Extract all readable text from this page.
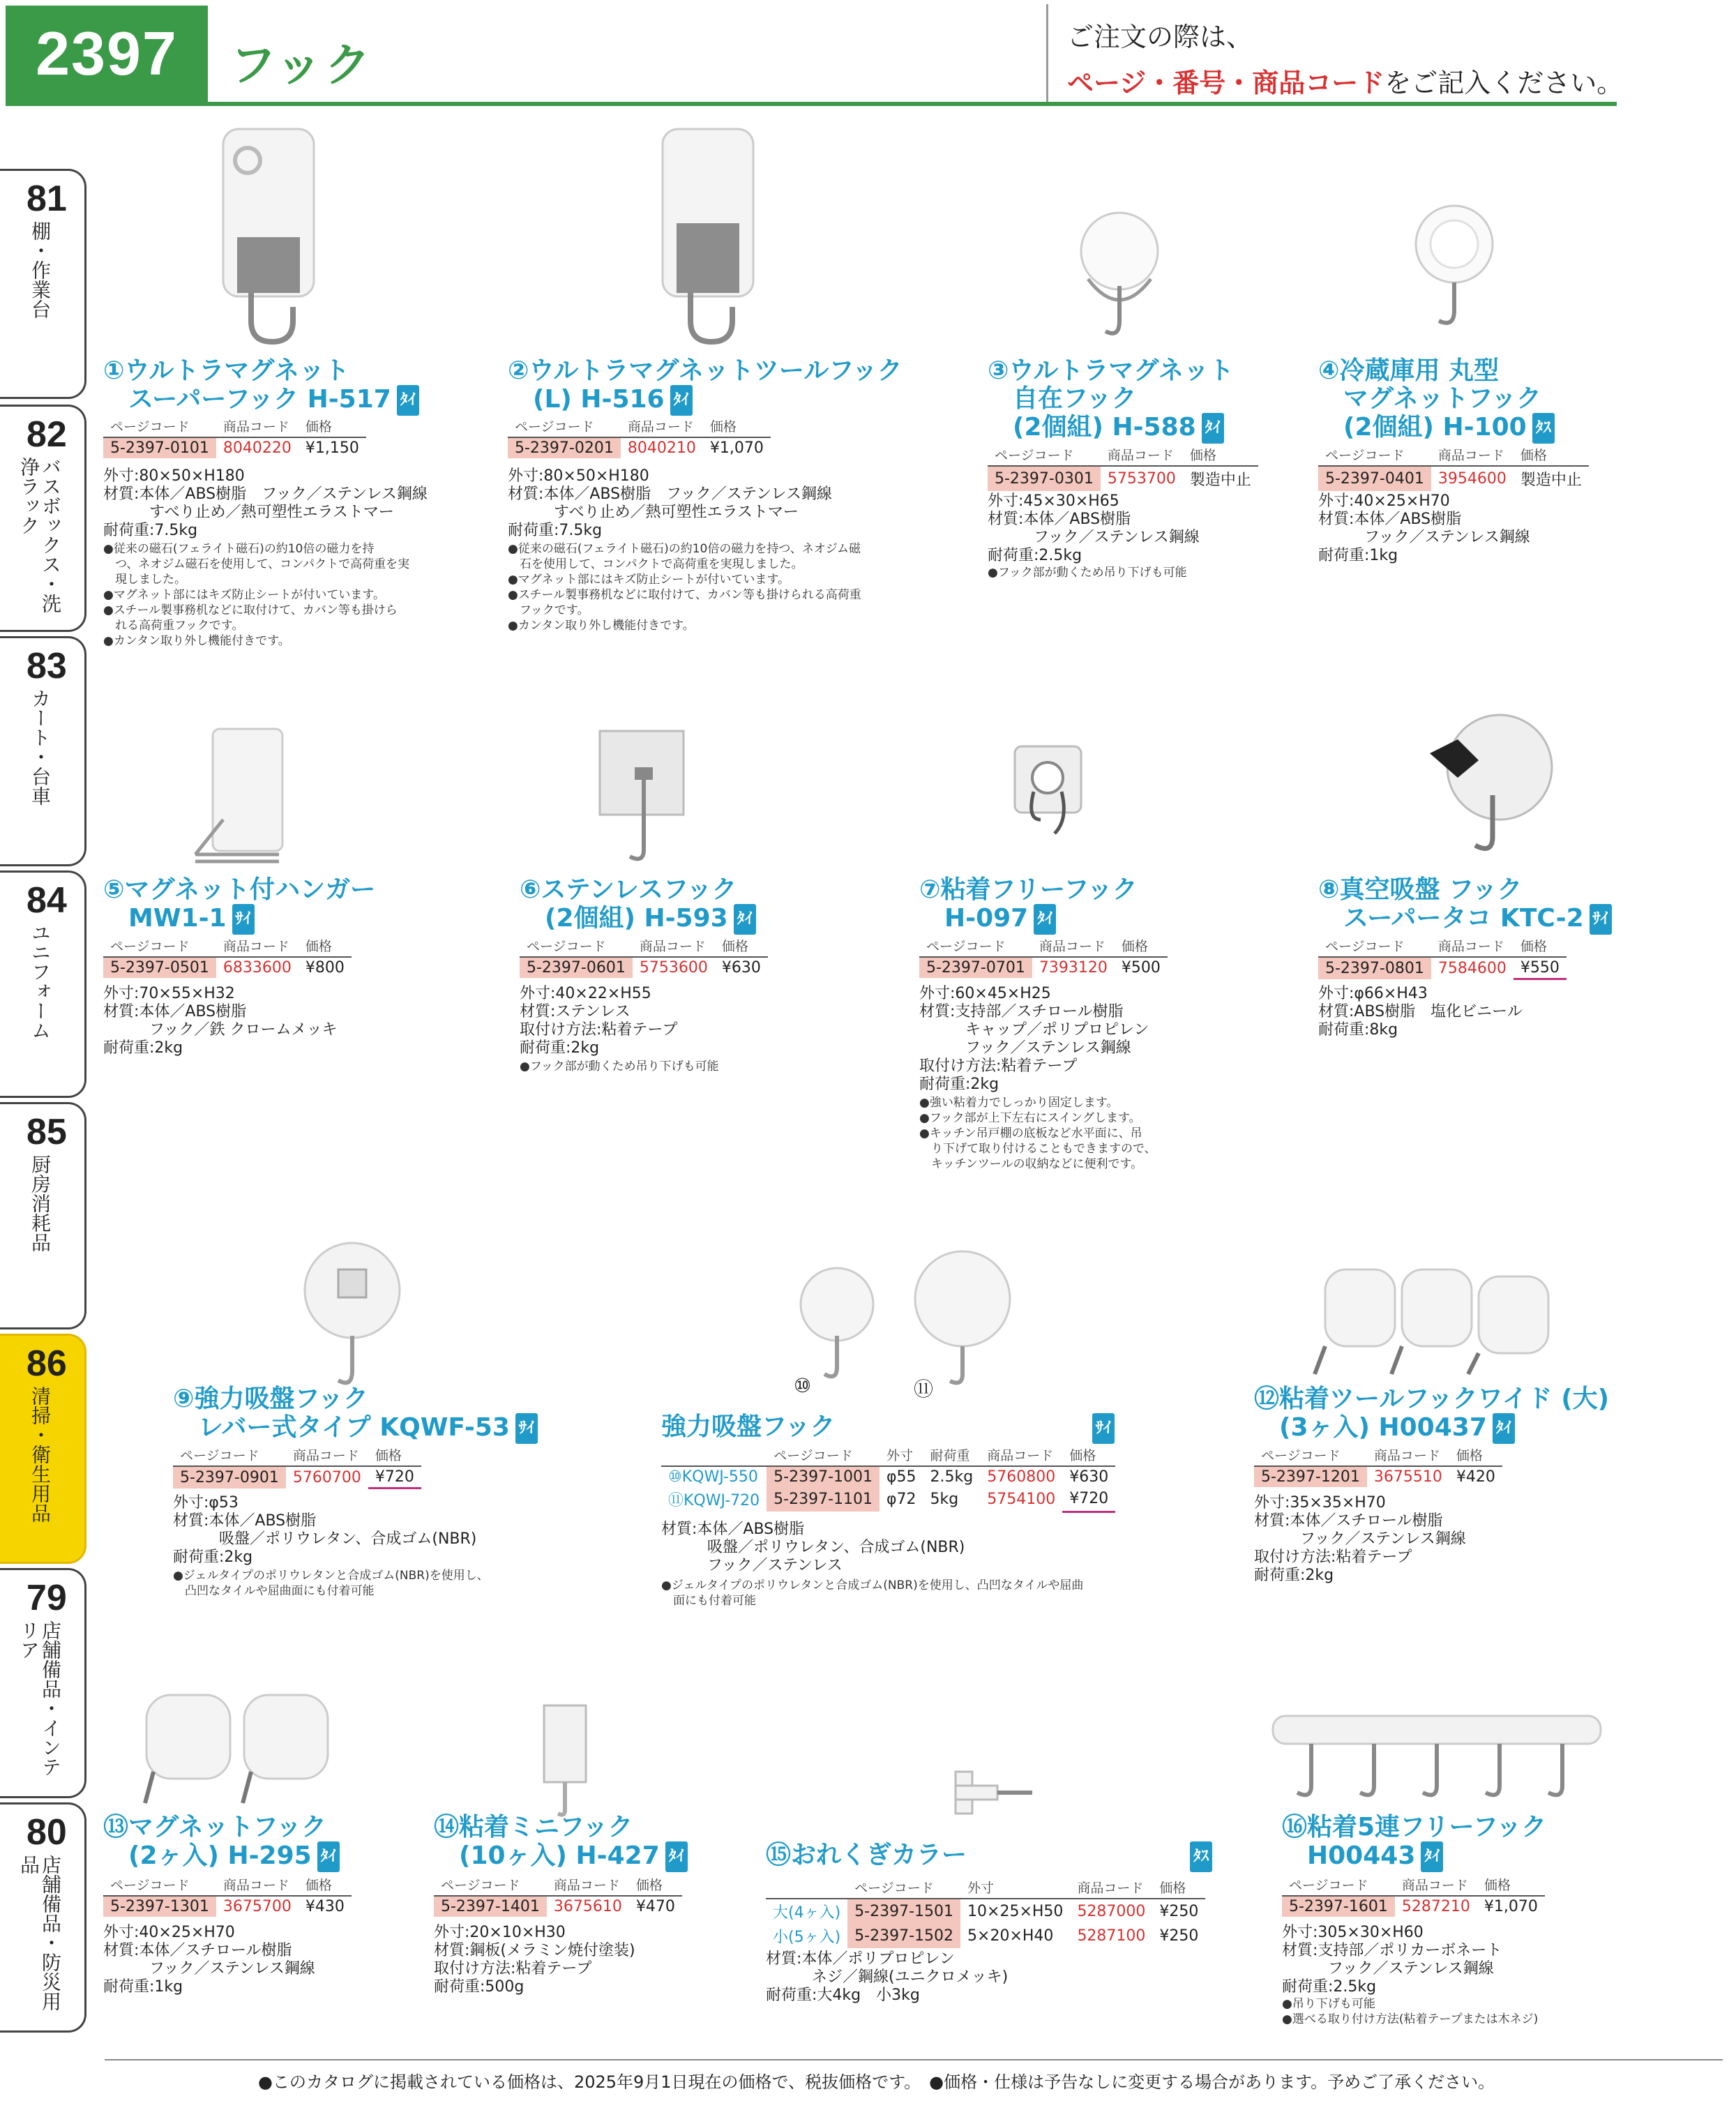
2397	フック
ご注文の際は、
ページ・番号・商品コードをご記入ください。
81
棚・作業台
82
バスボックス・洗浄ラック
83
カート・台車
84
ユニフォーム
85
厨房消耗品
86
清掃・衛生用品
79
店舗備品・インテリア
80
店舗備品・防災用品
①ウルトラマグネット
　スーパーフック H-517 ﾀｲ
ページコード	商品コード	価格
5-2397-0101	8040220	¥1,150
外寸:80×50×H180
材質:本体／ABS樹脂　フック／ステンレス鋼線
　　　すべり止め／熱可塑性エラストマー
耐荷重:7.5kg
●従来の磁石(フェライト磁石)の約10倍の磁力を持
　つ、ネオジム磁石を使用して、コンパクトで高荷重を実
　現しました。
●マグネット部にはキズ防止シートが付いています。
●スチール製事務机などに取付けて、カバン等も掛けら
　れる高荷重フックです。
●カンタン取り外し機能付きです。
②ウルトラマグネットツールフック
　(L) H-516 ﾀｲ
ページコード	商品コード	価格
5-2397-0201	8040210	¥1,070
外寸:80×50×H180
材質:本体／ABS樹脂　フック／ステンレス鋼線
　　　すべり止め／熱可塑性エラストマー
耐荷重:7.5kg
●従来の磁石(フェライト磁石)の約10倍の磁力を持つ、ネオジム磁
　石を使用して、コンパクトで高荷重を実現しました。
●マグネット部にはキズ防止シートが付いています。
●スチール製事務机などに取付けて、カバン等も掛けられる高荷重
　フックです。
●カンタン取り外し機能付きです。
③ウルトラマグネット
　自在フック
　(2個組) H-588 ﾀｲ
ページコード	商品コード	価格
5-2397-0301	5753700	製造中止
外寸:45×30×H65
材質:本体／ABS樹脂
　　　フック／ステンレス鋼線
耐荷重:2.5kg
●フック部が動くため吊り下げも可能
④冷蔵庫用 丸型
　マグネットフック
　(2個組) H-100 ﾀｽ
ページコード	商品コード	価格
5-2397-0401	3954600	製造中止
外寸:40×25×H70
材質:本体／ABS樹脂
　　　フック／ステンレス鋼線
耐荷重:1kg
⑤マグネット付ハンガー
　MW1-1 ｻｲ
ページコード	商品コード	価格
5-2397-0501	6833600	¥800
外寸:70×55×H32
材質:本体／ABS樹脂
　　　フック／鉄 クロームメッキ
耐荷重:2kg
⑥ステンレスフック
　(2個組) H-593 ﾀｲ
ページコード	商品コード	価格
5-2397-0601	5753600	¥630
外寸:40×22×H55
材質:ステンレス
取付け方法:粘着テープ
耐荷重:2kg
●フック部が動くため吊り下げも可能
⑦粘着フリーフック
　H-097 ﾀｲ
ページコード	商品コード	価格
5-2397-0701	7393120	¥500
外寸:60×45×H25
材質:支持部／スチロール樹脂
　　　キャップ／ポリプロピレン
　　　フック／ステンレス鋼線
取付け方法:粘着テープ
耐荷重:2kg
●強い粘着力でしっかり固定します。
●フック部が上下左右にスイングします。
●キッチン吊戸棚の底板など水平面に、吊
　り下げて取り付けることもできますので、
　キッチンツールの収納などに便利です。
⑧真空吸盤 フック
　スーパータコ KTC-2 ｻｲ
ページコード	商品コード	価格
5-2397-0801	7584600	¥550
外寸:φ66×H43
材質:ABS樹脂　塩化ビニール
耐荷重:8kg
⑨強力吸盤フック
　レバー式タイプ KQWF-53 ｻｲ
ページコード	商品コード	価格
5-2397-0901	5760700	¥720
外寸:φ53
材質:本体／ABS樹脂
　　　吸盤／ポリウレタン、合成ゴム(NBR)
耐荷重:2kg
●ジェルタイプのポリウレタンと合成ゴム(NBR)を使用し、
　凸凹なタイルや屈曲面にも付着可能
⑩	⑪
強力吸盤フック	ｻｲ
	ページコード	外寸	耐荷重	商品コード	価格
⑩KQWJ-550	5-2397-1001	φ55	2.5kg	5760800	¥630
⑪KQWJ-720	5-2397-1101	φ72	5kg	5754100	¥720
材質:本体／ABS樹脂
　　　吸盤／ポリウレタン、合成ゴム(NBR)
　　　フック／ステンレス
●ジェルタイプのポリウレタンと合成ゴム(NBR)を使用し、凸凹なタイルや屈曲
　面にも付着可能
⑫粘着ツールフックワイド (大)
　(3ヶ入) H00437 ﾀｲ
ページコード	商品コード	価格
5-2397-1201	3675510	¥420
外寸:35×35×H70
材質:本体／スチロール樹脂
　　　フック／ステンレス鋼線
取付け方法:粘着テープ
耐荷重:2kg
⑬マグネットフック
　(2ヶ入) H-295 ﾀｲ
ページコード	商品コード	価格
5-2397-1301	3675700	¥430
外寸:40×25×H70
材質:本体／スチロール樹脂
　　　フック／ステンレス鋼線
耐荷重:1kg
⑭粘着ミニフック
　(10ヶ入) H-427 ﾀｲ
ページコード	商品コード	価格
5-2397-1401	3675610	¥470
外寸:20×10×H30
材質:鋼板(メラミン焼付塗装)
取付け方法:粘着テープ
耐荷重:500g
⑮おれくぎカラー	ﾀｽ
	ページコード	外寸	商品コード	価格
大(4ヶ入)	5-2397-1501	10×25×H50	5287000	¥250
小(5ヶ入)	5-2397-1502	5×20×H40	5287100	¥250
材質:本体／ポリプロピレン
　　　ネジ／鋼線(ユニクロメッキ)
耐荷重:大4kg　小3kg
⑯粘着5連フリーフック
　H00443 ﾀｲ
ページコード	商品コード	価格
5-2397-1601	5287210	¥1,070
外寸:305×30×H60
材質:支持部／ポリカーボネート
　　　フック／ステンレス鋼線
耐荷重:2.5kg
●吊り下げも可能
●選べる取り付け方法(粘着テープまたは木ネジ)
●このカタログに掲載されている価格は、2025年9月1日現在の価格で、税抜価格です。　●価格・仕様は予告なしに変更する場合があります。予めご了承ください。
